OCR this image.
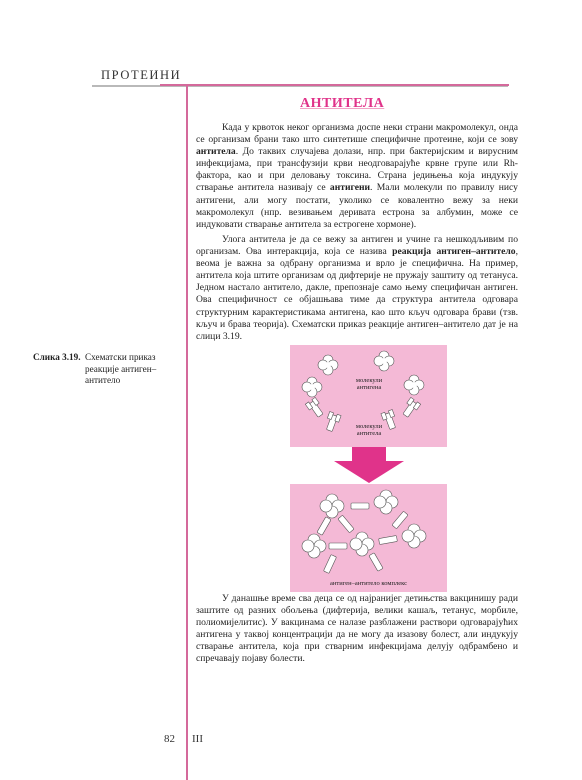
ПРОТЕИНИ
АНТИТЕЛА

Када у крвоток неког организма доспе неки страни макромолекул, онда се организам брани тако што синтетише специфичне протеине, који се зову антитела. До таквих случајева долази, нпр. при бактеријским и вирусним инфекцијама, при трансфузији крви неодговарајуће крвне групе или Rh-фактора, као и при деловању токсина. Страна једињења која индукују стварање антитела називају се антигени. Мали молекули по правилу нису антигени, али могу постати, уколико се ковалентно вежу за неки макромолекул (нпр. везивањем деривата естрона за албумин, може се индуковати стварање антитела за естрогене хормоне).

Улога антитела је да се вежу за антиген и учине га нешкодљивим по организам. Ова интеракција, која се назива реакција антиген–антитело, веома је важна за одбрану организма и врло је специфична. На пример, антитела која штите организам од дифтерије не пружају заштиту од тетануса. Једном настало антитело, дакле, препознаје само њему специфичан антиген. Ова специфичност се објашњава тиме да структура антитела одговара структурним карактеристикама антигена, као што кључ одговара брави (тзв. кључ и брава теорија). Схематски приказ реакције антиген–антитело дат је на слици 3.19.

Слика 3.19. Схематски приказ реакције антиген–антитело	молекули
антигена
молекули
антитела
антиген–антитело комплекс

У данашње време сва деца се од најранијег детињства вакцинишу ради заштите од разних обољења (дифтерија, велики кашаљ, тетанус, морбиле, полиомијелитис). У вакцинама се налазе разблажени раствори одговарајућих антигена у таквој концентрацији да не могу да изазову болест, али индукују стварање антитела, која при стварним инфекцијама делују одбрамбено и спречавају појаву болести.

82 III
